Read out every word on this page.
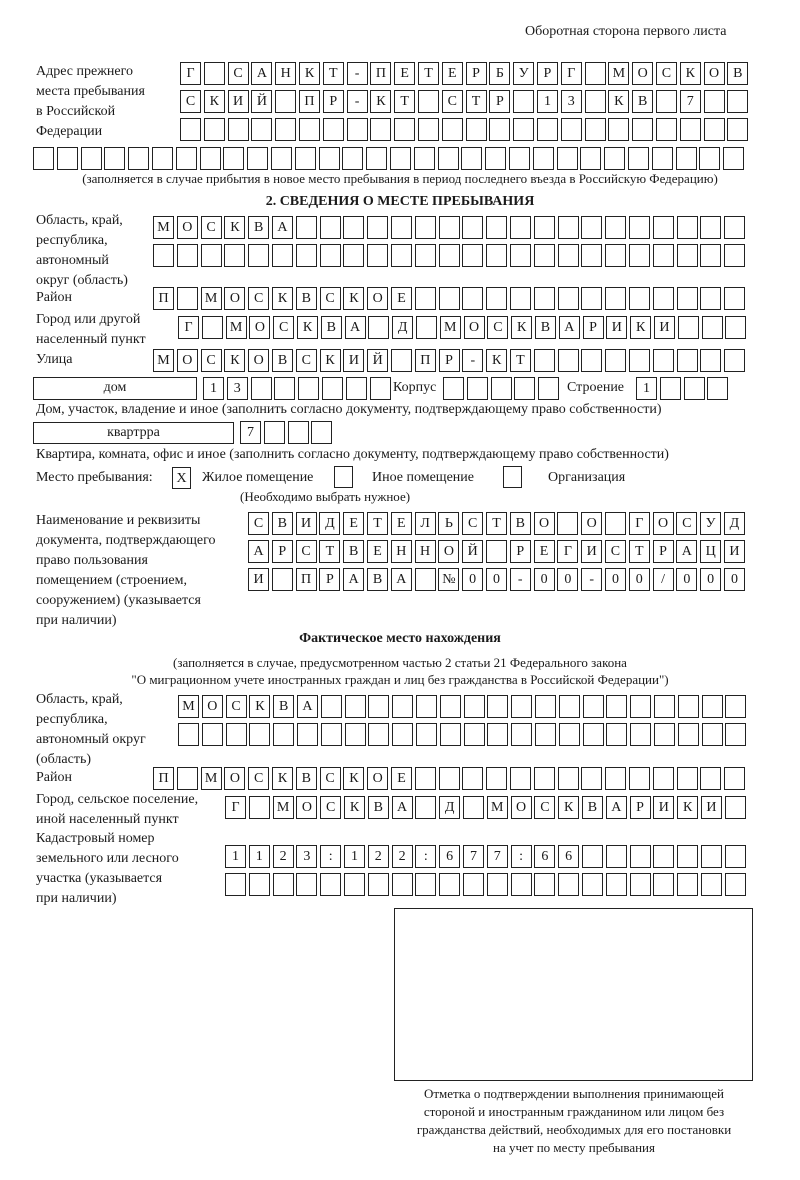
Оборотная сторона первого листа
Адрес прежнего
места пребывания
в Российской
Федерации
Г	С	А Н	К	Т	-	П	Е	Т	Е	Р	Б	У	Р	Г	М О	С	К	О	В
С	К	И Й	П	Р	-	К	Т	С	Т	Р	1	3	К	В	7
(заполняется в случае прибытия в новое место пребывания в период последнего въезда в Российскую Федерацию)
2. СВЕДЕНИЯ О МЕСТЕ ПРЕБЫВАНИЯ
Область, край,
республика,
автономный
округ (область)
М О	С	К	В	А
Район	П	М О	С	К	В	С	К	О	Е
Город или другой
населенный пункт
Г	М О	С	К	В	А	Д	М О	С	К	В	А	Р	И	К	И
Улица	М О	С	К	О	В	С	К	И Й	П	Р	-	К	Т
дом	1	3	Корпус	Строение	1
Дом, участок, владение и иное (заполнить согласно документу, подтверждающему право собственности)
квартрра	7
Квартира, комната, офис и иное (заполнить согласно документу, подтверждающему право собственности)
Место пребывания:	X	Жилое помещение	Иное помещение	Организация
(Необходимо выбрать нужное)
Наименование и реквизиты
документа, подтверждающего
право пользования
помещением (строением,
сооружением) (указывается
при наличии)
С	В	И Д	Е	Т	Е	Л	Ь	С	Т	В	О	О	Г	О	С	У	Д
А	Р	С	Т	В	Е	Н Н О Й	Р	Е	Г	И	С	Т	Р	А Ц И
И	П	Р	А	В	А	№ 0	0	-	0	0	-	0	0	/	0	0	0
Фактическое место нахождения
(заполняется в случае, предусмотренном частью 2 статьи 21 Федерального закона
"О миграционном учете иностранных граждан и лиц без гражданства в Российской Федерации")
Область, край,
республика,
автономный округ
(область)
М О	С	К	В	А
Район	П	М О	С	К	В	С	К	О	Е
Город, сельское поселение,
иной населенный пункт
Г	М О	С	К	В	А	Д	М О	С	К	В	А	Р	И	К	И
Кадастровый номер
земельного или лесного
участка (указывается
при наличии)
1	1	2	3	:	1	2	2	:	6	7	7	:	6	6
Отметка о подтверждении выполнения принимающей
стороной и иностранным гражданином или лицом без
гражданства действий, необходимых для его постановки
на учет по месту пребывания
